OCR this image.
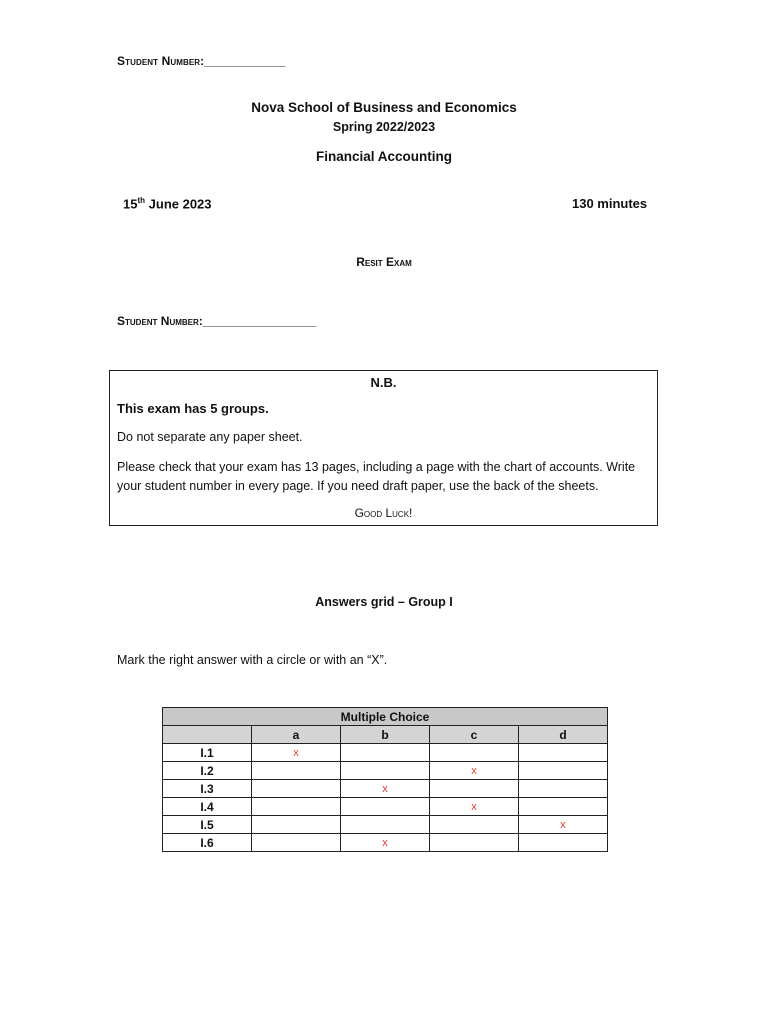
Student Number:____________
Nova School of Business and Economics
Spring 2022/2023
Financial Accounting
15th June 2023	130 minutes
Resit Exam
Student Number:_________________
N.B.
This exam has 5 groups.
Do not separate any paper sheet.
Please check that your exam has 13 pages, including a page with the chart of accounts. Write your student number in every page. If you need draft paper, use the back of the sheets.
Good Luck!
Answers grid – Group I
Mark the right answer with a circle or with an “X”.
Multiple Choice				
	a	b	c	d
I.1	x			
I.2			x	
I.3		x		
I.4			x	
I.5				x
I.6		x		
